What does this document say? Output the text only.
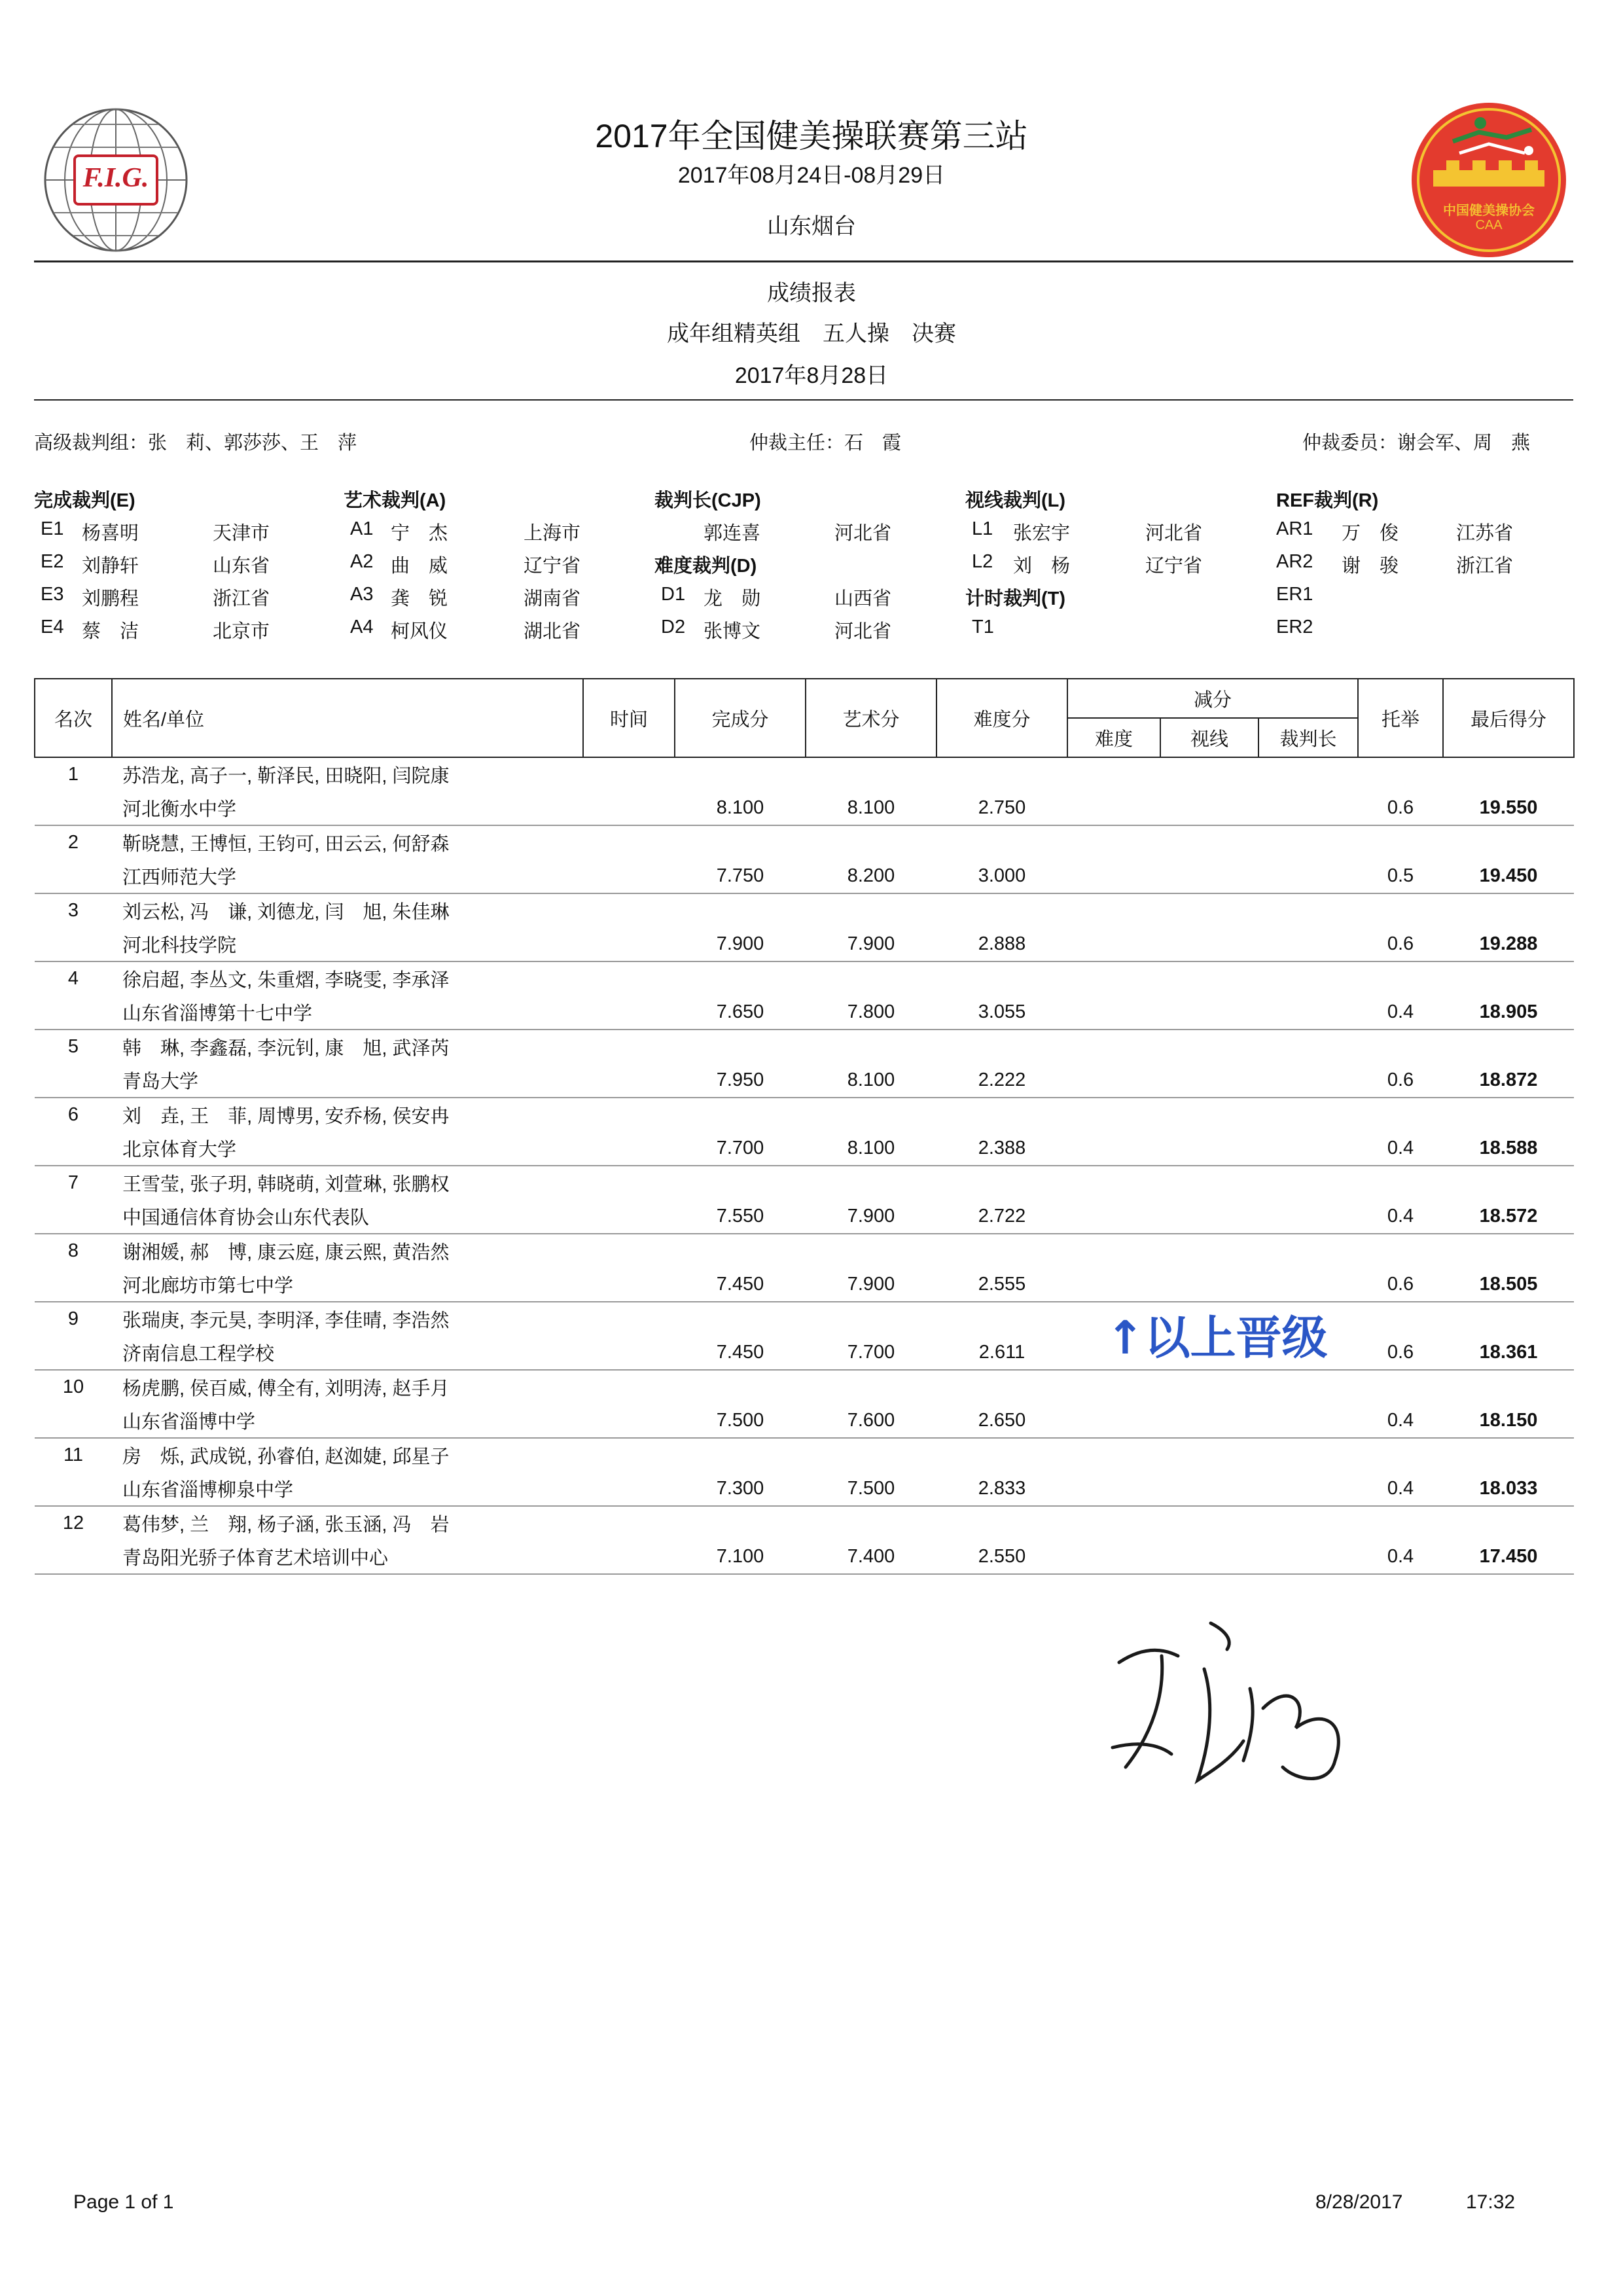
F.I.G.
中国健美操协会
CAA
2017年全国健美操联赛第三站
2017年08月24日-08月29日
山东烟台
成绩报表
成年组精英组　五人操　决赛
2017年8月28日
高级裁判组：张　莉、郭莎莎、王　萍	仲裁主任：石　霞	仲裁委员：谢会军、周　燕
完成裁判(E)
E1 杨喜明	天津市
E2 刘静轩	山东省
E3 刘鹏程	浙江省
E4 蔡　洁	北京市
艺术裁判(A)
A1 宁　杰	上海市
A2 曲　威	辽宁省
A3 龚　锐	湖南省
A4 柯风仪	湖北省
裁判长(CJP)
郭连喜	河北省
难度裁判(D)
D1 龙　勋	山西省
D2 张博文	河北省
视线裁判(L)
L1 张宏宇	河北省
L2 刘　杨	辽宁省
计时裁判(T)
T1
REF裁判(R)
AR1 万　俊	江苏省
AR2 谢　骏	浙江省
ER1
ER2
名次	姓名/单位	时间	完成分	艺术分	难度分	减分			托举	最后得分
						难度	视线	裁判长		
1	苏浩龙, 高子一, 靳泽民, 田晓阳, 闫院康									
	河北衡水中学		8.100	8.100	2.750				0.6	19.550
2	靳晓慧, 王博恒, 王钧可, 田云云, 何舒森									
	江西师范大学		7.750	8.200	3.000				0.5	19.450
3	刘云松, 冯　谦, 刘德龙, 闫　旭, 朱佳琳									
	河北科技学院		7.900	7.900	2.888				0.6	19.288
4	徐启超, 李丛文, 朱重熠, 李晓雯, 李承泽									
	山东省淄博第十七中学		7.650	7.800	3.055				0.4	18.905
5	韩　琳, 李鑫磊, 李沅钊, 康　旭, 武泽芮									
	青岛大学		7.950	8.100	2.222				0.6	18.872
6	刘　垚, 王　菲, 周博男, 安乔杨, 侯安冉									
	北京体育大学		7.700	8.100	2.388				0.4	18.588
7	王雪莹, 张子玥, 韩晓萌, 刘萱琳, 张鹏权									
	中国通信体育协会山东代表队		7.550	7.900	2.722				0.4	18.572
8	谢湘媛, 郝　博, 康云庭, 康云熙, 黄浩然									
	河北廊坊市第七中学		7.450	7.900	2.555				0.6	18.505
9	张瑞庚, 李元昊, 李明泽, 李佳晴, 李浩然									
	济南信息工程学校		7.450	7.700	2.611				0.6	18.361
10	杨虎鹏, 侯百威, 傅全有, 刘明涛, 赵手月									
	山东省淄博中学		7.500	7.600	2.650				0.4	18.150
11	房　烁, 武成锐, 孙睿伯, 赵洳婕, 邱星子									
	山东省淄博柳泉中学		7.300	7.500	2.833				0.4	18.033
12	葛伟梦, 兰　翔, 杨子涵, 张玉涵, 冯　岩									
	青岛阳光骄子体育艺术培训中心		7.100	7.400	2.550				0.4	17.450
↑以上晋级
Page 1 of 1	8/28/2017	17:32
